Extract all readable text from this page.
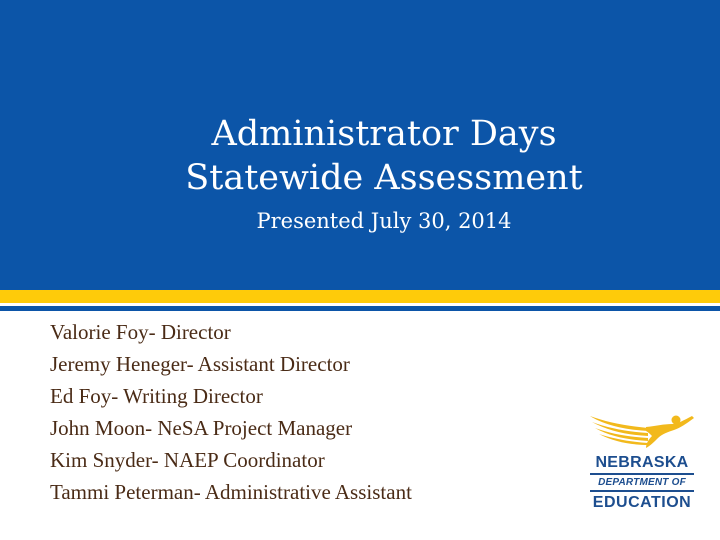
Administrator Days
Statewide Assessment
Presented July 30, 2014
Valorie Foy- Director
Jeremy Heneger- Assistant Director
Ed Foy- Writing Director
John Moon- NeSA Project Manager
Kim Snyder- NAEP Coordinator
Tammi Peterman- Administrative Assistant
NEBRASKA
DEPARTMENT OF
EDUCATION
